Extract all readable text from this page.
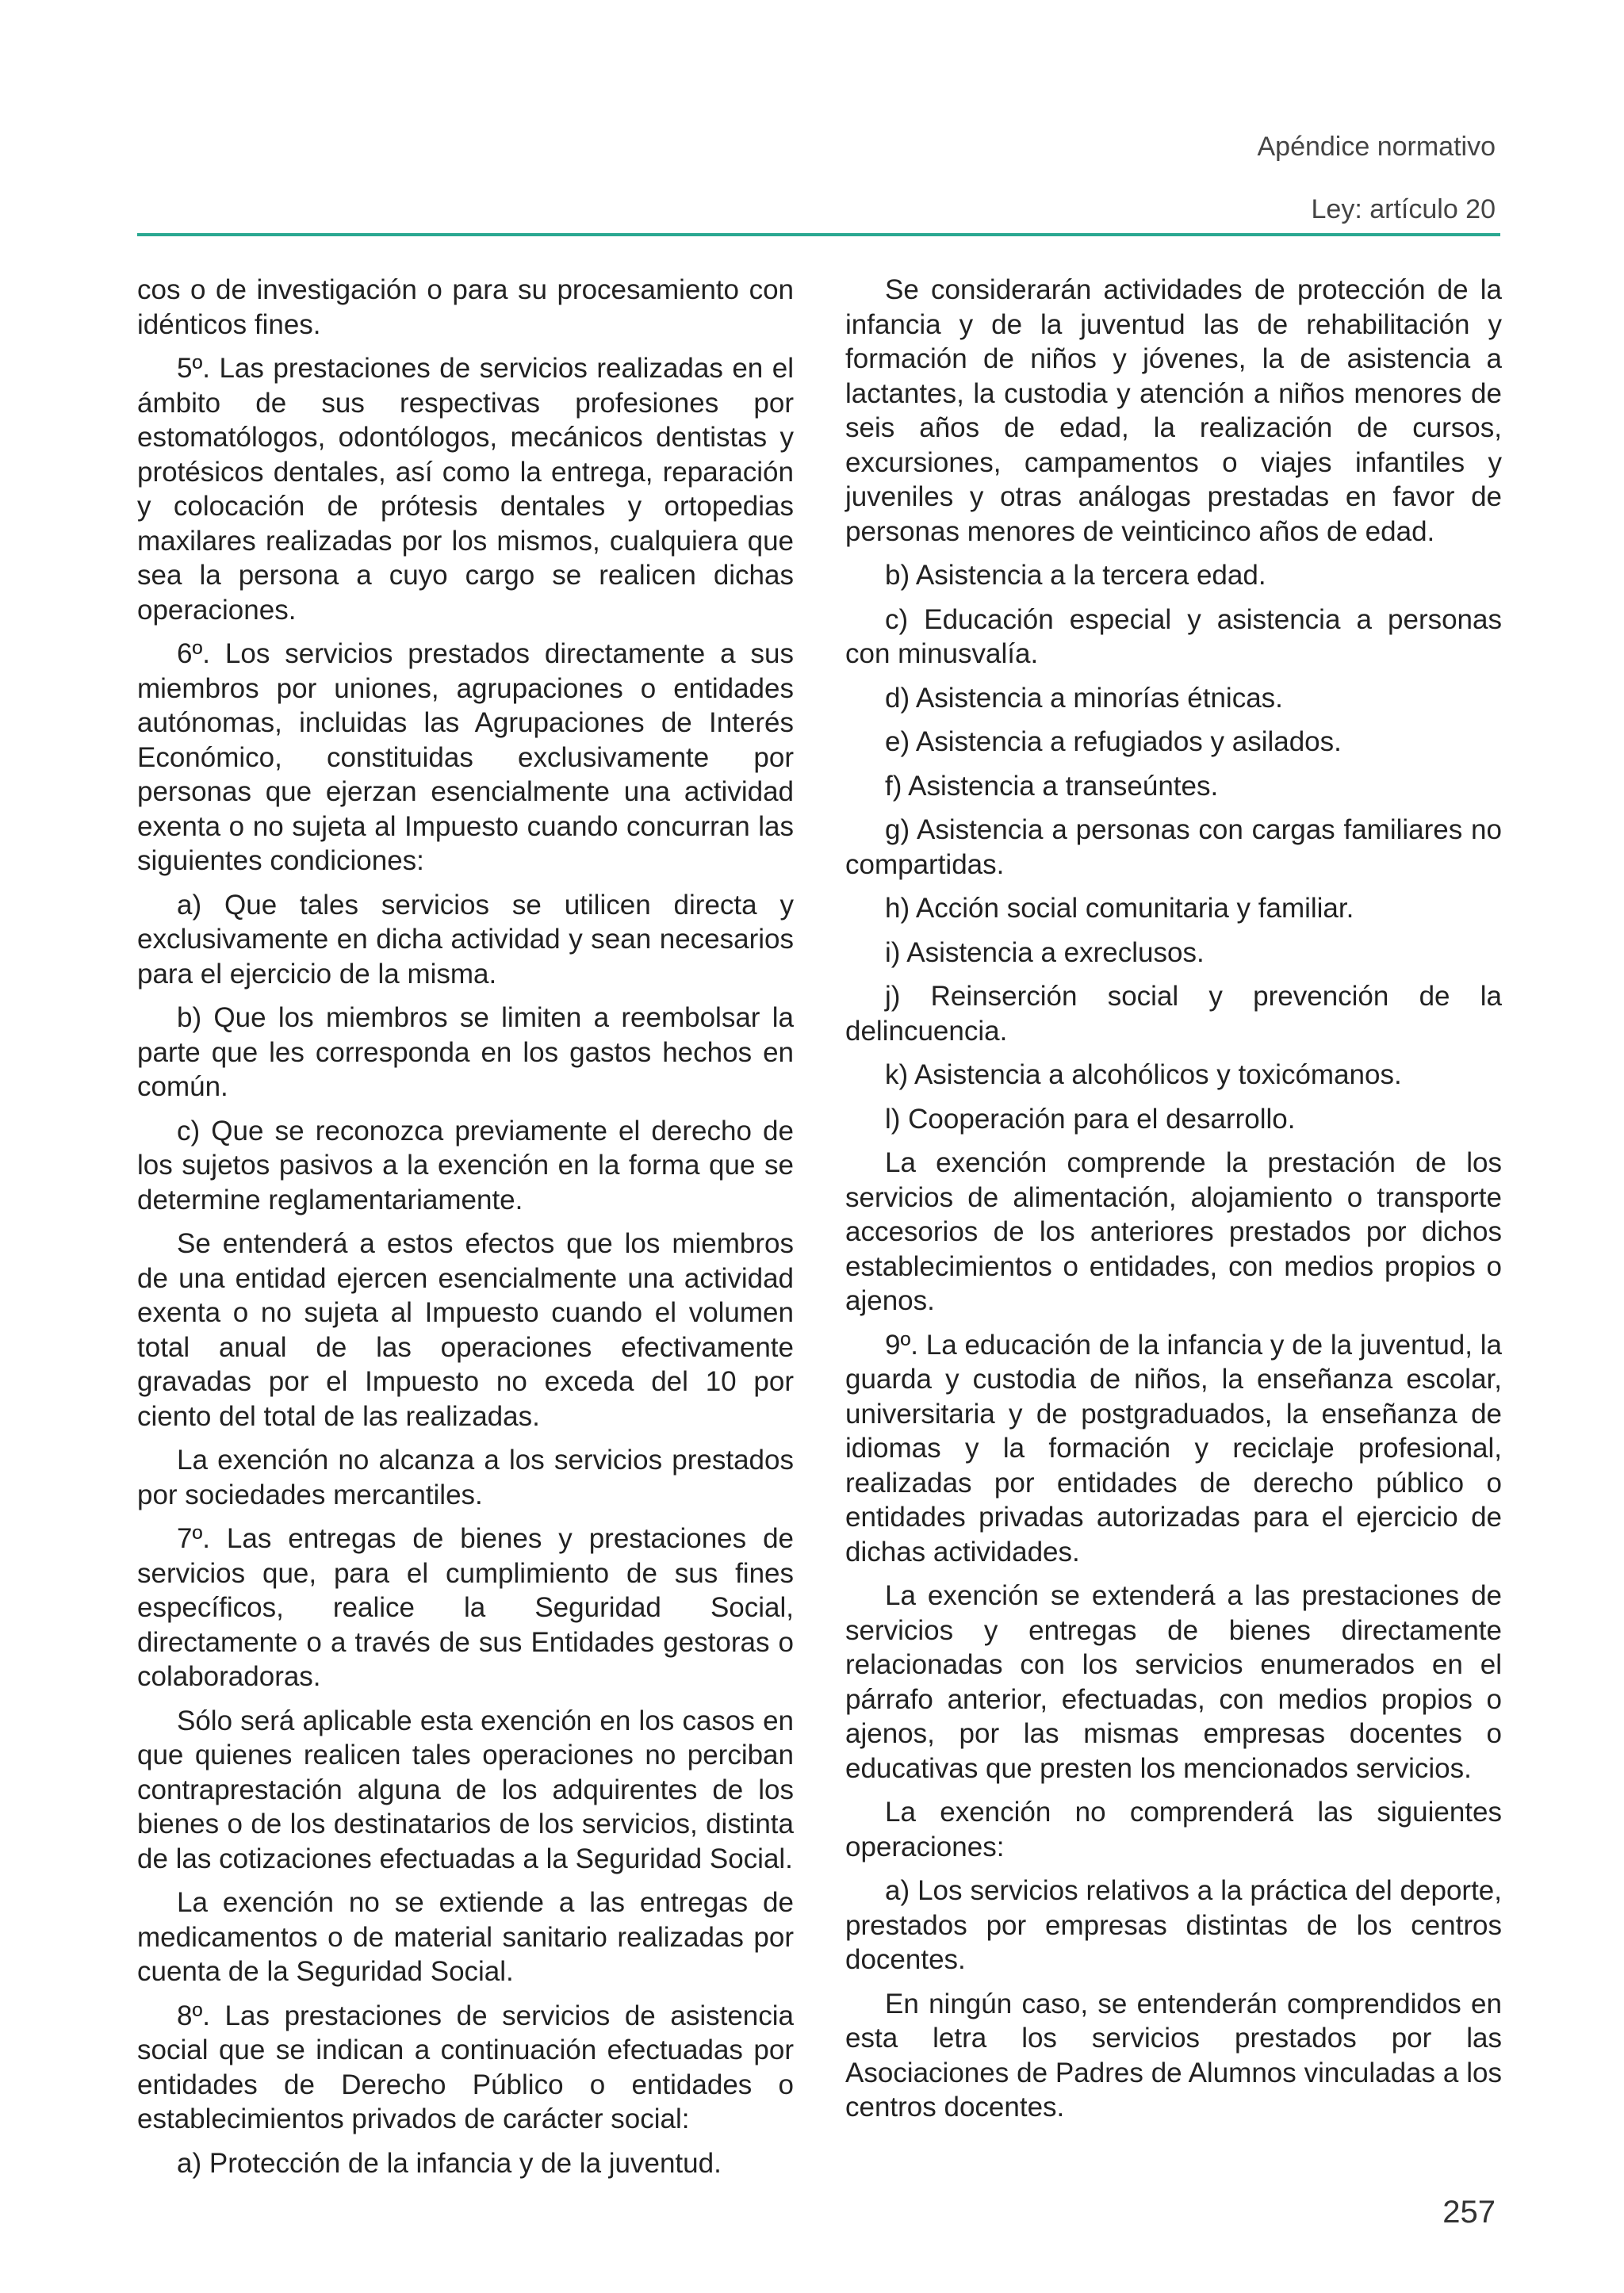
Apéndice normativo
Ley: artículo 20

cos o de investigación o para su procesamiento con idénticos fines.

5º. Las prestaciones de servicios realizadas en el ámbito de sus respectivas profesiones por estomatólogos, odontólogos, mecánicos dentistas y protésicos dentales, así como la entrega, reparación y colocación de prótesis dentales y ortopedias maxilares realizadas por los mismos, cualquiera que sea la persona a cuyo cargo se realicen dichas operaciones.

6º. Los servicios prestados directamente a sus miembros por uniones, agrupaciones o entidades autónomas, incluidas las Agrupaciones de Interés Económico, constituidas exclusivamente por personas que ejerzan esencialmente una actividad exenta o no sujeta al Impuesto cuando concurran las siguientes condiciones:

a) Que tales servicios se utilicen directa y exclusivamente en dicha actividad y sean necesarios para el ejercicio de la misma.

b) Que los miembros se limiten a reembolsar la parte que les corresponda en los gastos hechos en común.

c) Que se reconozca previamente el derecho de los sujetos pasivos a la exención en la forma que se determine reglamentariamente.

Se entenderá a estos efectos que los miembros de una entidad ejercen esencialmente una actividad exenta o no sujeta al Impuesto cuando el volumen total anual de las operaciones efectivamente gravadas por el Impuesto no exceda del 10 por ciento del total de las realizadas.

La exención no alcanza a los servicios prestados por sociedades mercantiles.

7º. Las entregas de bienes y prestaciones de servicios que, para el cumplimiento de sus fines específicos, realice la Seguridad Social, directamente o a través de sus Entidades gestoras o colaboradoras.

Sólo será aplicable esta exención en los casos en que quienes realicen tales operaciones no perciban contraprestación alguna de los adquirentes de los bienes o de los destinatarios de los servicios, distinta de las cotizaciones efectuadas a la Seguridad Social.

La exención no se extiende a las entregas de medicamentos o de material sanitario realizadas por cuenta de la Seguridad Social.

8º. Las prestaciones de servicios de asistencia social que se indican a continuación efectuadas por entidades de Derecho Público o entidades o establecimientos privados de carácter social:

a) Protección de la infancia y de la juventud.

Se considerarán actividades de protección de la infancia y de la juventud las de rehabilitación y formación de niños y jóvenes, la de asistencia a lactantes, la custodia y atención a niños menores de seis años de edad, la realización de cursos, excursiones, campamentos o viajes infantiles y juveniles y otras análogas prestadas en favor de personas menores de veinticinco años de edad.

b) Asistencia a la tercera edad.

c) Educación especial y asistencia a personas con minusvalía.

d) Asistencia a minorías étnicas.

e) Asistencia a refugiados y asilados.

f) Asistencia a transeúntes.

g) Asistencia a personas con cargas familiares no compartidas.

h) Acción social comunitaria y familiar.

i) Asistencia a exreclusos.

j) Reinserción social y prevención de la delincuencia.

k) Asistencia a alcohólicos y toxicómanos.

l) Cooperación para el desarrollo.

La exención comprende la prestación de los servicios de alimentación, alojamiento o transporte accesorios de los anteriores prestados por dichos establecimientos o entidades, con medios propios o ajenos.

9º. La educación de la infancia y de la juventud, la guarda y custodia de niños, la enseñanza escolar, universitaria y de postgraduados, la enseñanza de idiomas y la formación y reciclaje profesional, realizadas por entidades de derecho público o entidades privadas autorizadas para el ejercicio de dichas actividades.

La exención se extenderá a las prestaciones de servicios y entregas de bienes directamente relacionadas con los servicios enumerados en el párrafo anterior, efectuadas, con medios propios o ajenos, por las mismas empresas docentes o educativas que presten los mencionados servicios.

La exención no comprenderá las siguientes operaciones:

a) Los servicios relativos a la práctica del deporte, prestados por empresas distintas de los centros docentes.

En ningún caso, se entenderán comprendidos en esta letra los servicios prestados por las Asociaciones de Padres de Alumnos vinculadas a los centros docentes.

257
